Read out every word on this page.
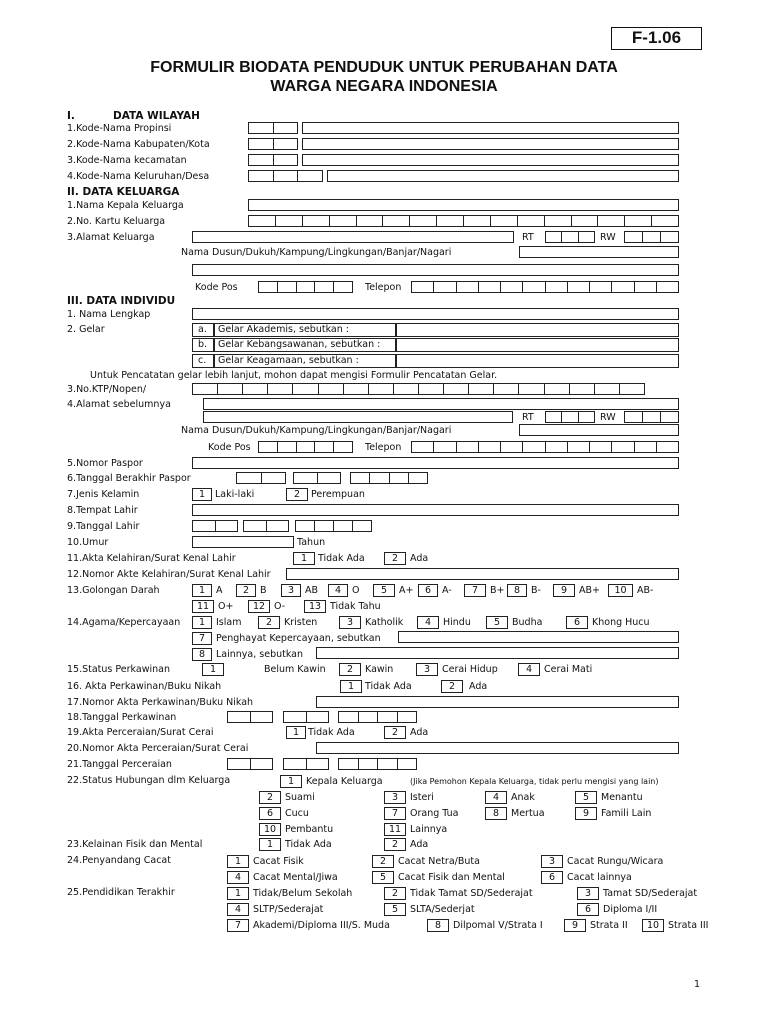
F-1.06
FORMULIR BIODATA PENDUDUK UNTUK PERUBAHAN DATA
WARGA NEGARA INDONESIA
I.	DATA WILAYAH
1.Kode-Nama Propinsi
2.Kode-Nama Kabupaten/Kota
3.Kode-Nama kecamatan
4.Kode-Nama Keluruhan/Desa
II. DATA KELUARGA
1.Nama Kepala Keluarga
2.No. Kartu Keluarga
3.Alamat Keluarga	RT	RW
Nama Dusun/Dukuh/Kampung/Lingkungan/Banjar/Nagari
Kode Pos	Telepon
III. DATA INDIVIDU
1. Nama Lengkap
2. Gelar	a. Gelar Akademis, sebutkan :
b. Gelar Kebangsawanan, sebutkan :
c. Gelar Keagamaan, sebutkan :
Untuk Pencatatan gelar lebih lanjut, mohon dapat mengisi Formulir Pencatatan Gelar.
3.No.KTP/Nopen/
4.Alamat sebelumnya
RT	RW
Nama Dusun/Dukuh/Kampung/Lingkungan/Banjar/Nagari
Kode Pos	Telepon
5.Nomor Paspor
6.Tanggal Berakhir Paspor
7.Jenis Kelamin	1	Laki-laki	2	Perempuan
8.Tempat Lahir
9.Tanggal Lahir
10.Umur	Tahun
11.Akta Kelahiran/Surat Kenal Lahir	1	Tidak Ada	2	Ada
12.Nomor Akte Kelahiran/Surat Kenal Lahir
13.Golongan Darah	1	A	2	B	3	AB	4	O	5	A+	6	A-	7	B+ 8	B-	9	AB+	10	AB-
11 O+	12 O-	13 Tidak Tahu
14.Agama/Kepercayaan	1	Islam	2	Kristen	3	Katholik	4	Hindu	5	Budha	6	Khong Hucu
7	Penghayat Kepercayaan, sebutkan
8	Lainnya, sebutkan
15.Status Perkawinan	1	Belum Kawin	2	Kawin	3	Cerai Hidup	4	Cerai Mati
16. Akta Perkawinan/Buku Nikah	1	Tidak Ada	2	Ada
17.Nomor Akta Perkawinan/Buku Nikah
18.Tanggal Perkawinan
19.Akta Perceraian/Surat Cerai	1 Tidak Ada	2	Ada
20.Nomor Akta Perceraian/Surat Cerai
21.Tanggal Perceraian
22.Status Hubungan dlm Keluarga	(Jika Pemohon Kepala Keluarga, tidak perlu mengisi yang lain)
1	Kepala Keluarga
2	Suami	3	Isteri	4	Anak	5	Menantu
6	Cucu	7	Orang Tua	8	Mertua	9	Famili Lain
10 Pembantu	11 Lainnya
23.Kelainan Fisik dan Mental	1	Tidak Ada	2	Ada
24.Penyandang Cacat	1	Cacat Fisik	2	Cacat Netra/Buta	3	Cacat Rungu/Wicara
4	Cacat Mental/Jiwa	5	Cacat Fisik dan Mental	6	Cacat lainnya
25.Pendidikan Terakhir	1	Tidak/Belum Sekolah	2	Tidak Tamat SD/Sederajat	3	Tamat SD/Sederajat
4	SLTP/Sederajat	5	SLTA/Sederjat	6	Diploma I/II
7	Akademi/Diploma III/S. Muda	8	Dilpomal V/Strata I	9	Strata II	10 Strata III
1
